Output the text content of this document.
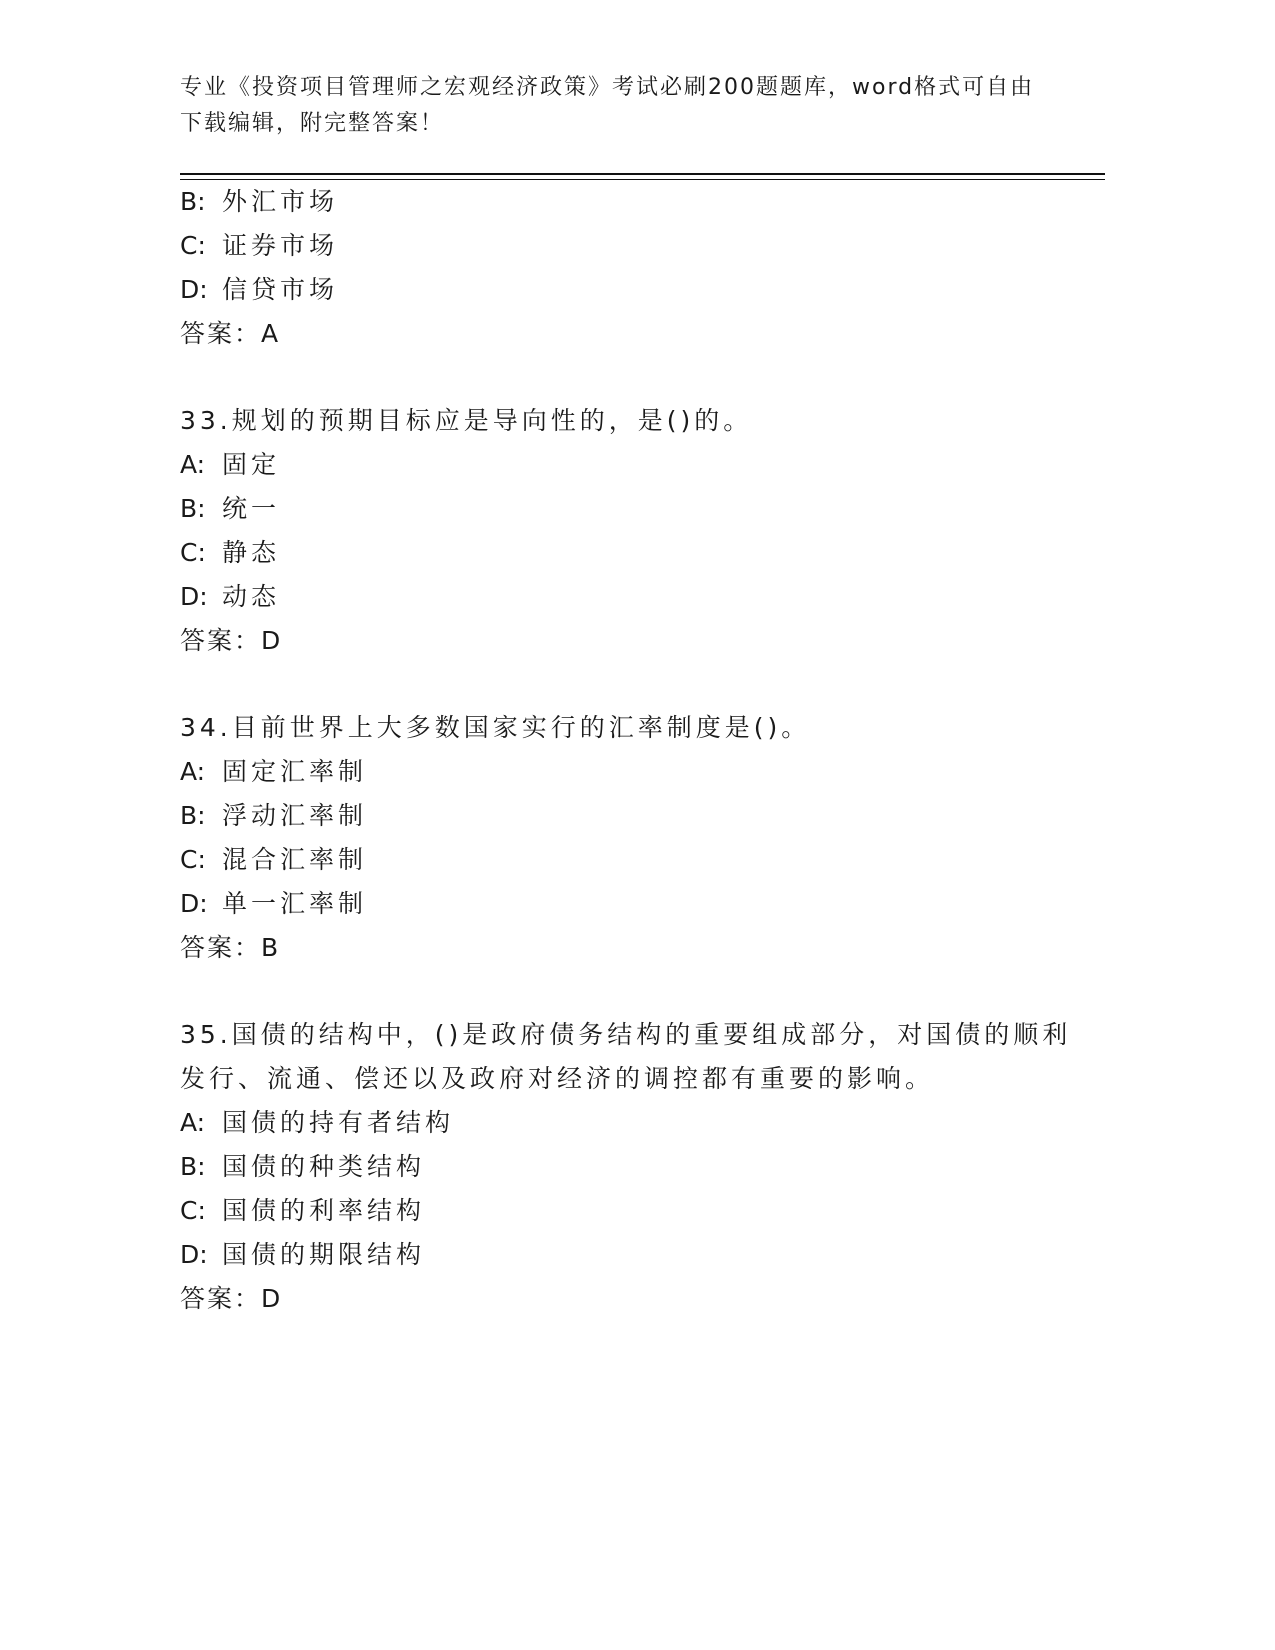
专业《投资项目管理师之宏观经济政策》考试必刷200题题库，word格式可自由
下载编辑，附完整答案！
B: 外汇市场
C: 证券市场
D: 信贷市场
答案：A
33.规划的预期目标应是导向性的，是()的。
A: 固定
B: 统一
C: 静态
D: 动态
答案：D
34.目前世界上大多数国家实行的汇率制度是()。
A: 固定汇率制
B: 浮动汇率制
C: 混合汇率制
D: 单一汇率制
答案：B
35.国债的结构中，()是政府债务结构的重要组成部分，对国债的顺利
发行、流通、偿还以及政府对经济的调控都有重要的影响。
A: 国债的持有者结构
B: 国债的种类结构
C: 国债的利率结构
D: 国债的期限结构
答案：D
